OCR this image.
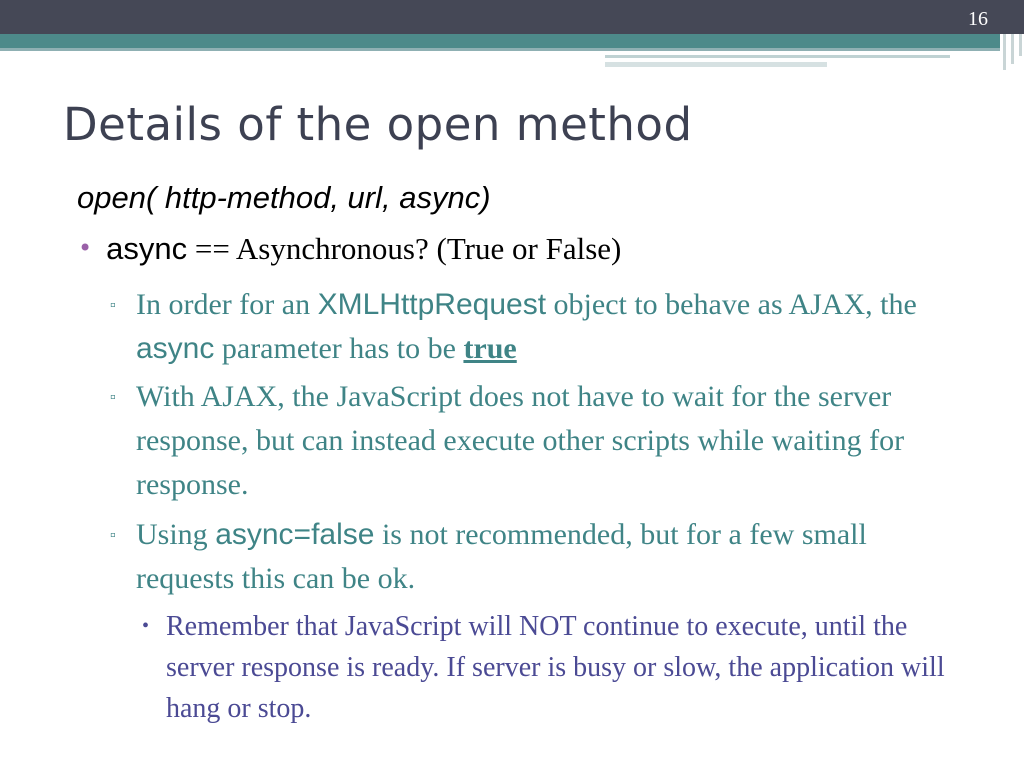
16
Details of the open method
open( http-method, url, async)
• async == Asynchronous? (True or False)
▫ In order for an XMLHttpRequest object to behave as AJAX, the async parameter has to be true
▫ With AJAX, the JavaScript does not have to wait for the server response, but can instead execute other scripts while waiting for response.
▫ Using async=false is not recommended, but for a few small requests this can be ok.
• Remember that JavaScript will NOT continue to execute, until the server response is ready. If server is busy or slow, the application will hang or stop.
